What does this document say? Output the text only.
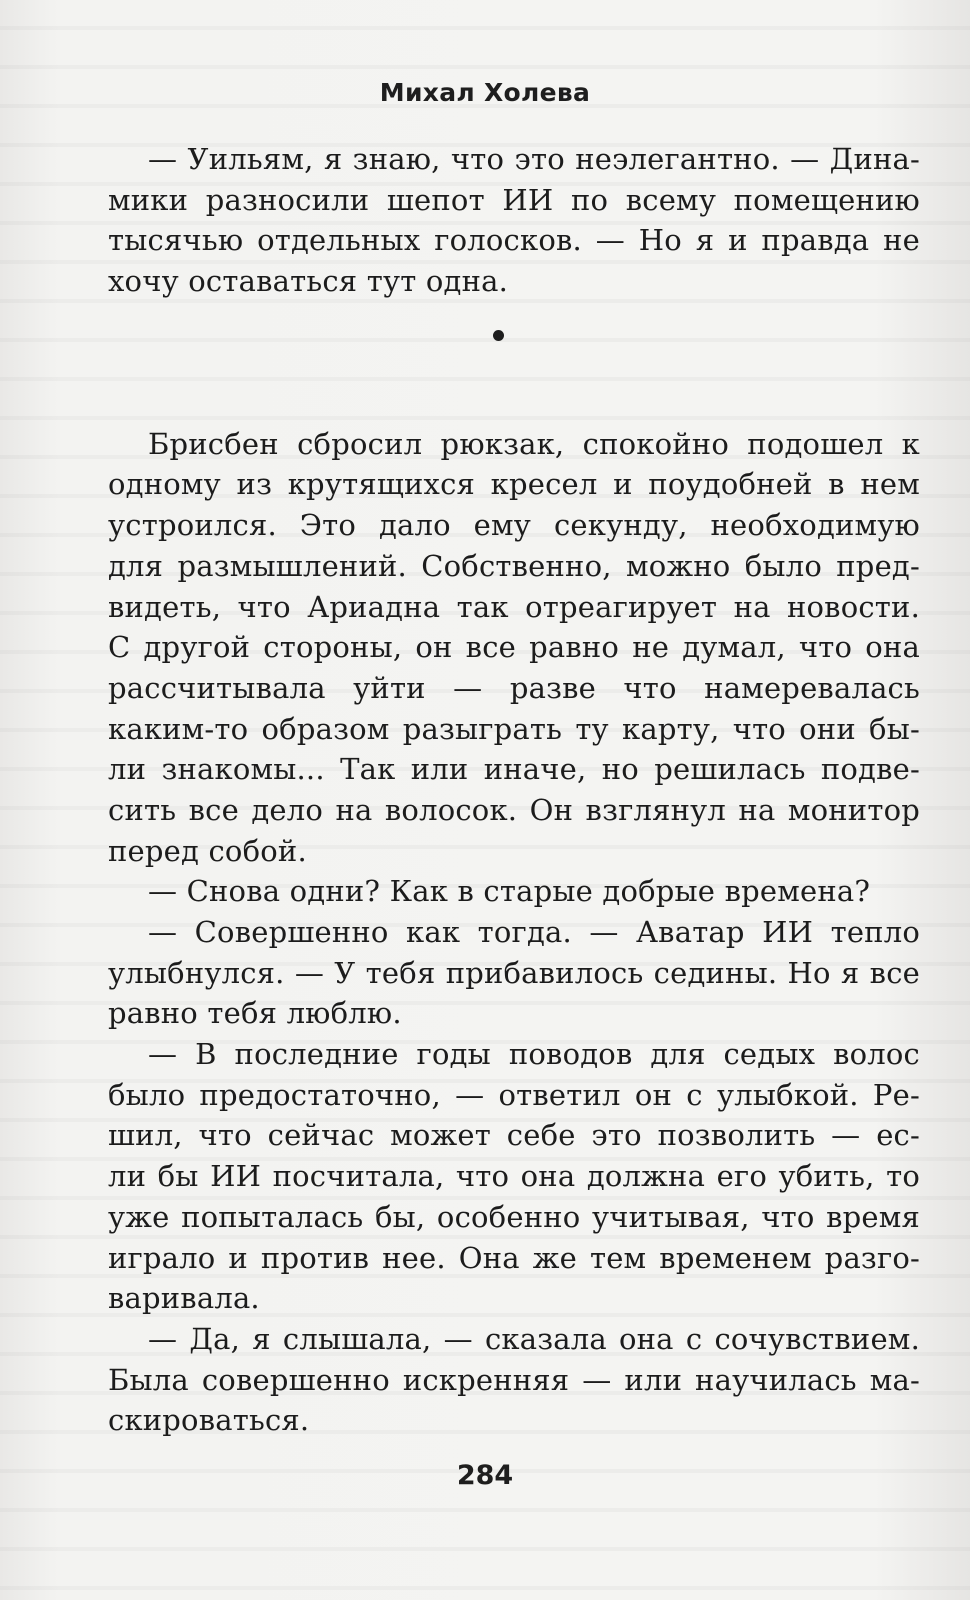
Михал Холева
— Уильям, я знаю, что это неэлегантно. — Дина-
мики разносили шепот ИИ по всему помещению
тысячью отдельных голосков. — Но я и правда не
хочу оставаться тут одна.
Брисбен сбросил рюкзак, спокойно подошел к
одному из крутящихся кресел и поудобней в нем
устроился. Это дало ему секунду, необходимую
для размышлений. Собственно, можно было пред-
видеть, что Ариадна так отреагирует на новости.
С другой стороны, он все равно не думал, что она
рассчитывала уйти — разве что намеревалась
каким-то образом разыграть ту карту, что они бы-
ли знакомы... Так или иначе, но решилась подве-
сить все дело на волосок. Он взглянул на монитор
перед собой.
— Снова одни? Как в старые добрые времена?
— Совершенно как тогда. — Аватар ИИ тепло
улыбнулся. — У тебя прибавилось седины. Но я все
равно тебя люблю.
— В последние годы поводов для седых волос
было предостаточно, — ответил он с улыбкой. Ре-
шил, что сейчас может себе это позволить — ес-
ли бы ИИ посчитала, что она должна его убить, то
уже попыталась бы, особенно учитывая, что время
играло и против нее. Она же тем временем разго-
варивала.
— Да, я слышала, — сказала она с сочувствием.
Была совершенно искренняя — или научилась ма-
скироваться.
284
